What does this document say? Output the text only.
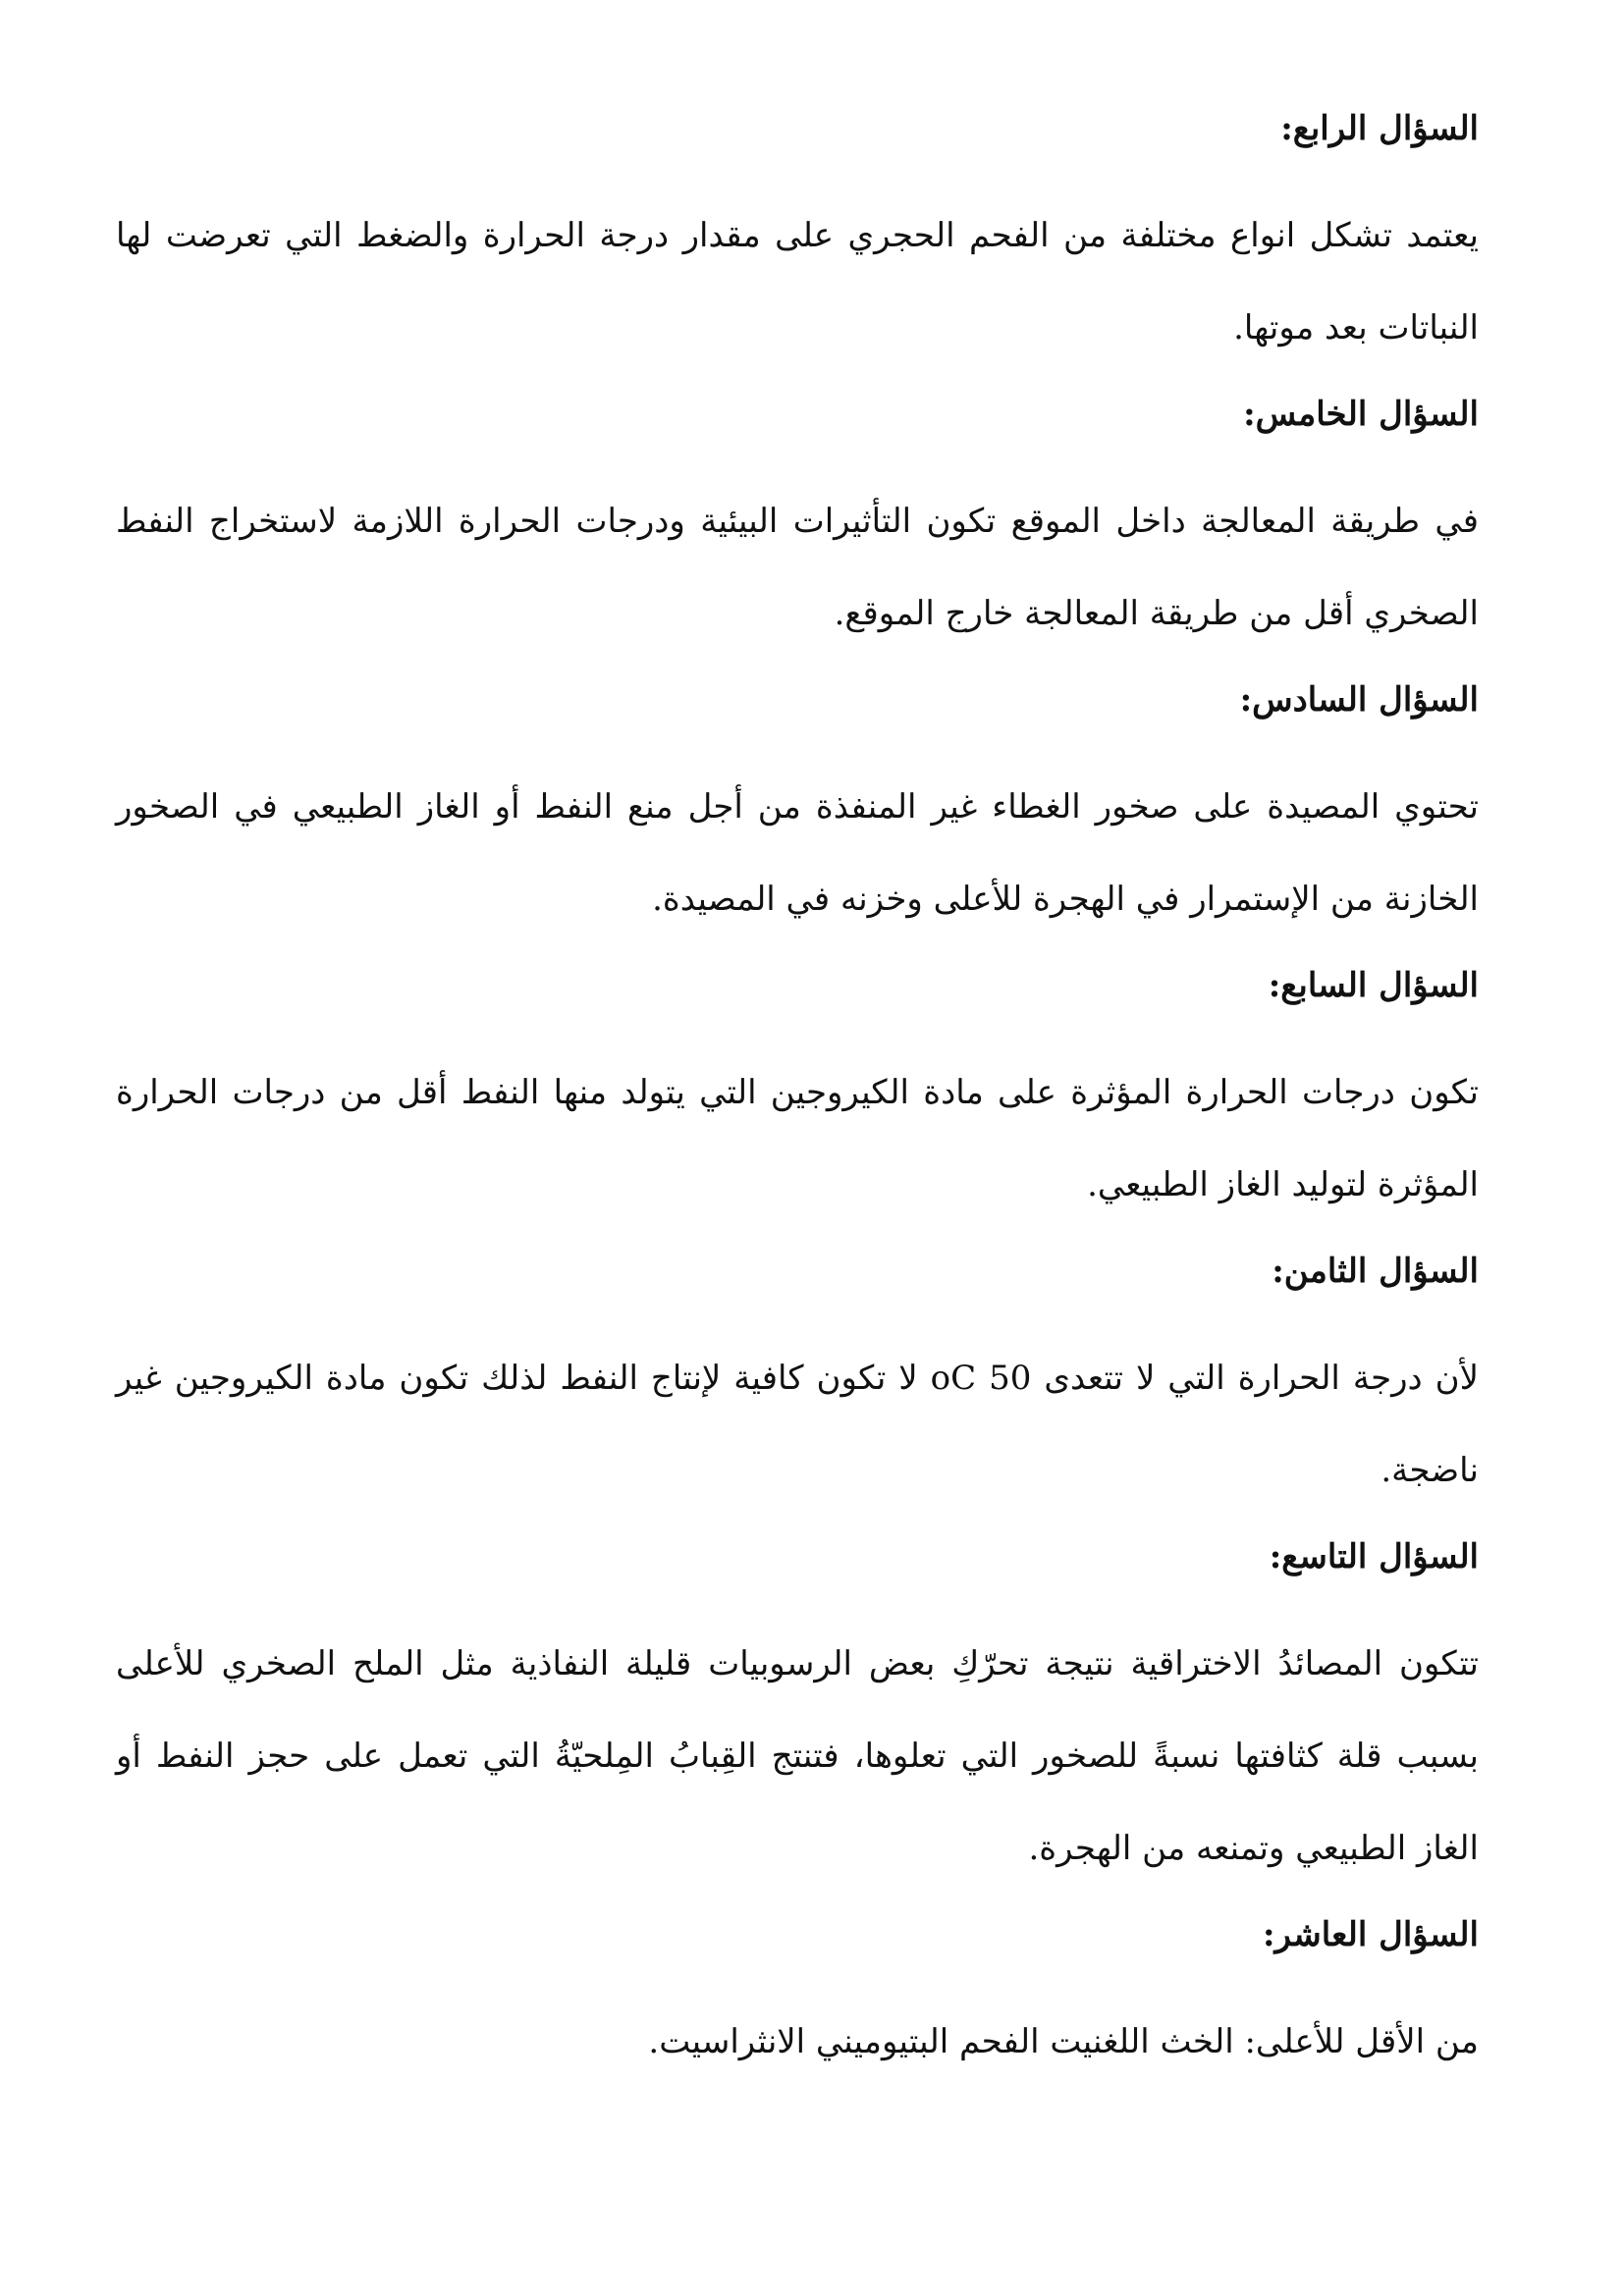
السؤال الرابع:

يعتمد تشكل انواع مختلفة من الفحم الحجري على مقدار درجة الحرارة والضغط التي تعرضت لها النباتات بعد موتها.

السؤال الخامس:

في طريقة المعالجة داخل الموقع تكون التأثيرات البيئية ودرجات الحرارة اللازمة لاستخراج النفط الصخري أقل من طريقة المعالجة خارج الموقع.

السؤال السادس:

تحتوي المصيدة على صخور الغطاء غير المنفذة من أجل منع النفط أو الغاز الطبيعي في الصخور الخازنة من الإستمرار في الهجرة للأعلى وخزنه في المصيدة.

السؤال السابع:

تكون درجات الحرارة المؤثرة على مادة الكيروجين التي يتولد منها النفط أقل من درجات الحرارة المؤثرة لتوليد الغاز الطبيعي.

السؤال الثامن:

لأن درجة الحرارة التي لا تتعدى 50 oC لا تكون كافية لإنتاج النفط لذلك تكون مادة الكيروجين غير ناضجة.

السؤال التاسع:

تتكون المصائدُ الاختراقية نتيجة تحرّكِ بعض الرسوبيات قليلة النفاذية مثل الملح الصخري للأعلى بسبب قلة كثافتها نسبةً للصخور التي تعلوها، فتنتج القِبابُ المِلحيّةُ التي تعمل على حجز النفط أو الغاز الطبيعي وتمنعه من الهجرة.

السؤال العاشر:

من الأقل للأعلى: الخث اللغنيت الفحم البتيوميني الانثراسيت.
